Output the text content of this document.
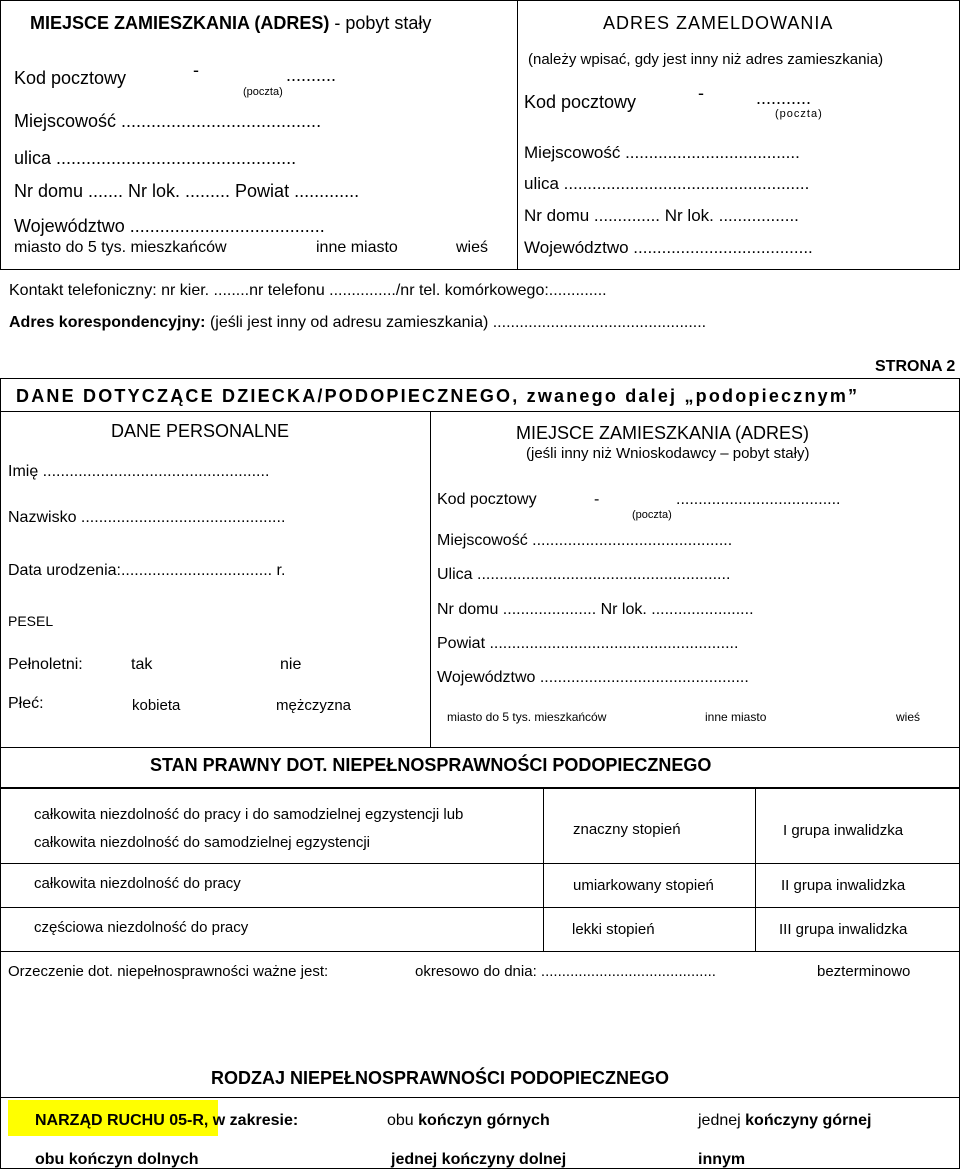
MIEJSCE ZAMIESZKANIA (ADRES) - pobyt stały
Kod pocztowy	-	..........
(poczta)
Miejscowość ........................................
ulica ................................................
Nr domu ....... Nr lok. ......... Powiat .............
Województwo .......................................
miasto do 5 tys. mieszkańców	inne miasto	wieś
ADRES ZAMELDOWANIA
(należy wpisać, gdy jest inny niż adres zamieszkania)
Kod pocztowy	-	...........
(poczta)
Miejscowość .....................................
ulica ....................................................
Nr domu .............. Nr lok. .................
Województwo ......................................
Kontakt telefoniczny: nr kier. ........nr telefonu .............../nr tel. komórkowego:.............
Adres korespondencyjny: (jeśli jest inny od adresu zamieszkania) ................................................
STRONA 2
DANE DOTYCZĄCE DZIECKA/PODOPIECZNEGO, zwanego dalej „podopiecznym”
DANE PERSONALNE
Imię ...................................................
Nazwisko ..............................................
Data urodzenia:.................................. r.
PESEL
Pełnoletni:	tak	nie
Płeć:	kobieta	mężczyzna
MIEJSCE ZAMIESZKANIA (ADRES)
(jeśli inny niż Wnioskodawcy – pobyt stały)
Kod pocztowy	-	.....................................
(poczta)
Miejscowość .............................................
Ulica .........................................................
Nr domu ..................... Nr lok. .......................
Powiat ........................................................
Województwo ...............................................
miasto do 5 tys. mieszkańców	inne miasto	wieś
STAN PRAWNY DOT. NIEPEŁNOSPRAWNOŚCI PODOPIECZNEGO
całkowita niezdolność do pracy i do samodzielnej egzystencji lub
całkowita niezdolność do samodzielnej egzystencji
znaczny stopień	I grupa inwalidzka
całkowita niezdolność do pracy	umiarkowany stopień	II grupa inwalidzka
częściowa niezdolność do pracy	lekki stopień	III grupa inwalidzka
Orzeczenie dot. niepełnosprawności ważne jest:	okresowo do dnia: ..........................................	bezterminowo
RODZAJ NIEPEŁNOSPRAWNOŚCI PODOPIECZNEGO
NARZĄD RUCHU 05-R, w zakresie:	obu kończyn górnych	jednej kończyny górnej
obu kończyn dolnych	jednej kończyny dolnej	innym
